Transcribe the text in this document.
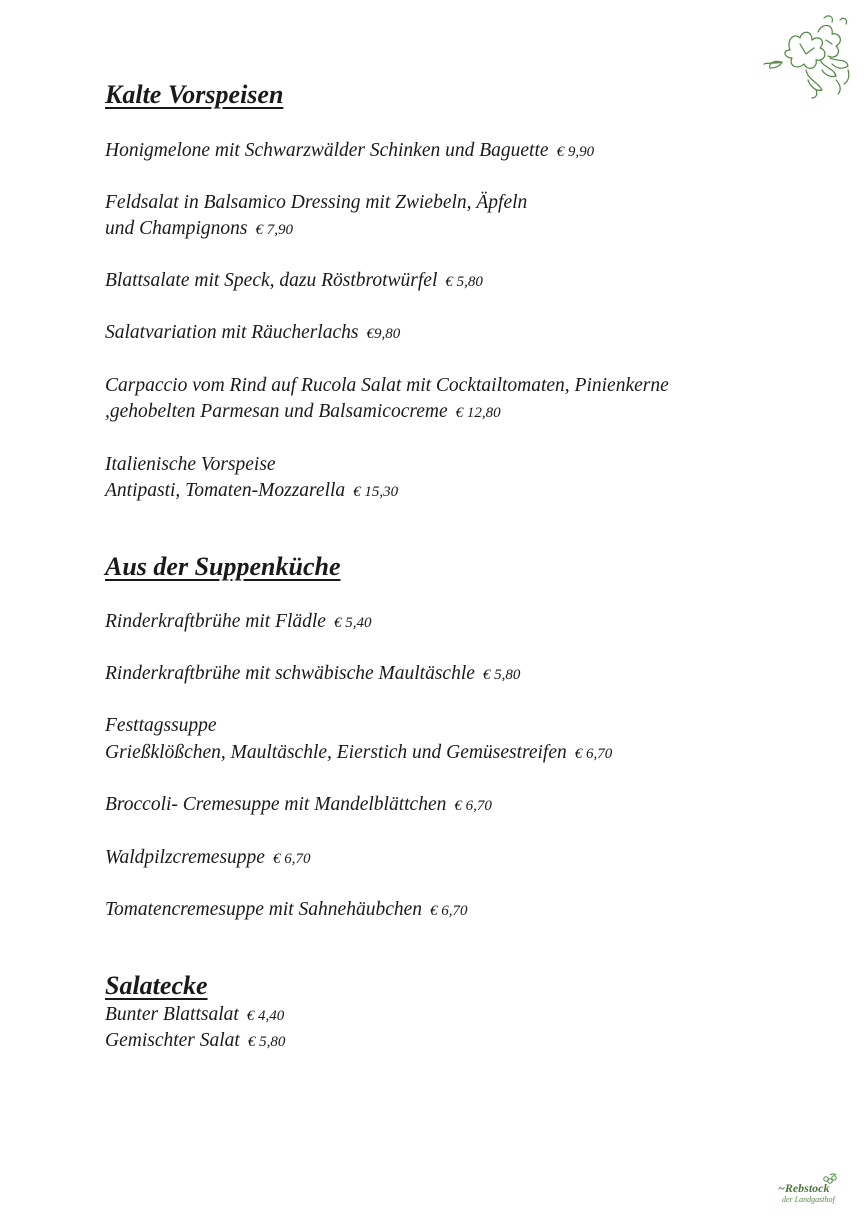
Kalte Vorspeisen
Honigmelone mit Schwarzwälder Schinken und Baguette € 9,90
Feldsalat in Balsamico Dressing mit Zwiebeln, Äpfeln
und Champignons € 7,90
Blattsalate mit Speck, dazu Röstbrotwürfel € 5,80
Salatvariation mit Räucherlachs €9,80
Carpaccio vom Rind auf Rucola Salat mit Cocktailtomaten, Pinienkerne
,gehobelten Parmesan und Balsamicocreme € 12,80
Italienische Vorspeise
Antipasti, Tomaten-Mozzarella € 15,30
Aus der Suppenküche
Rinderkraftbrühe mit Flädle € 5,40
Rinderkraftbrühe mit schwäbische Maultäschle € 5,80
Festtagssuppe
Grießklößchen, Maultäschle, Eierstich und Gemüsestreifen € 6,70
Broccoli- Cremesuppe mit Mandelblättchen € 6,70
Waldpilzcremesuppe € 6,70
Tomatencremesuppe mit Sahnehäubchen € 6,70
Salatecke
Bunter Blattsalat € 4,40
Gemischter Salat € 5,80
~Rebstock
der Landgasthof
